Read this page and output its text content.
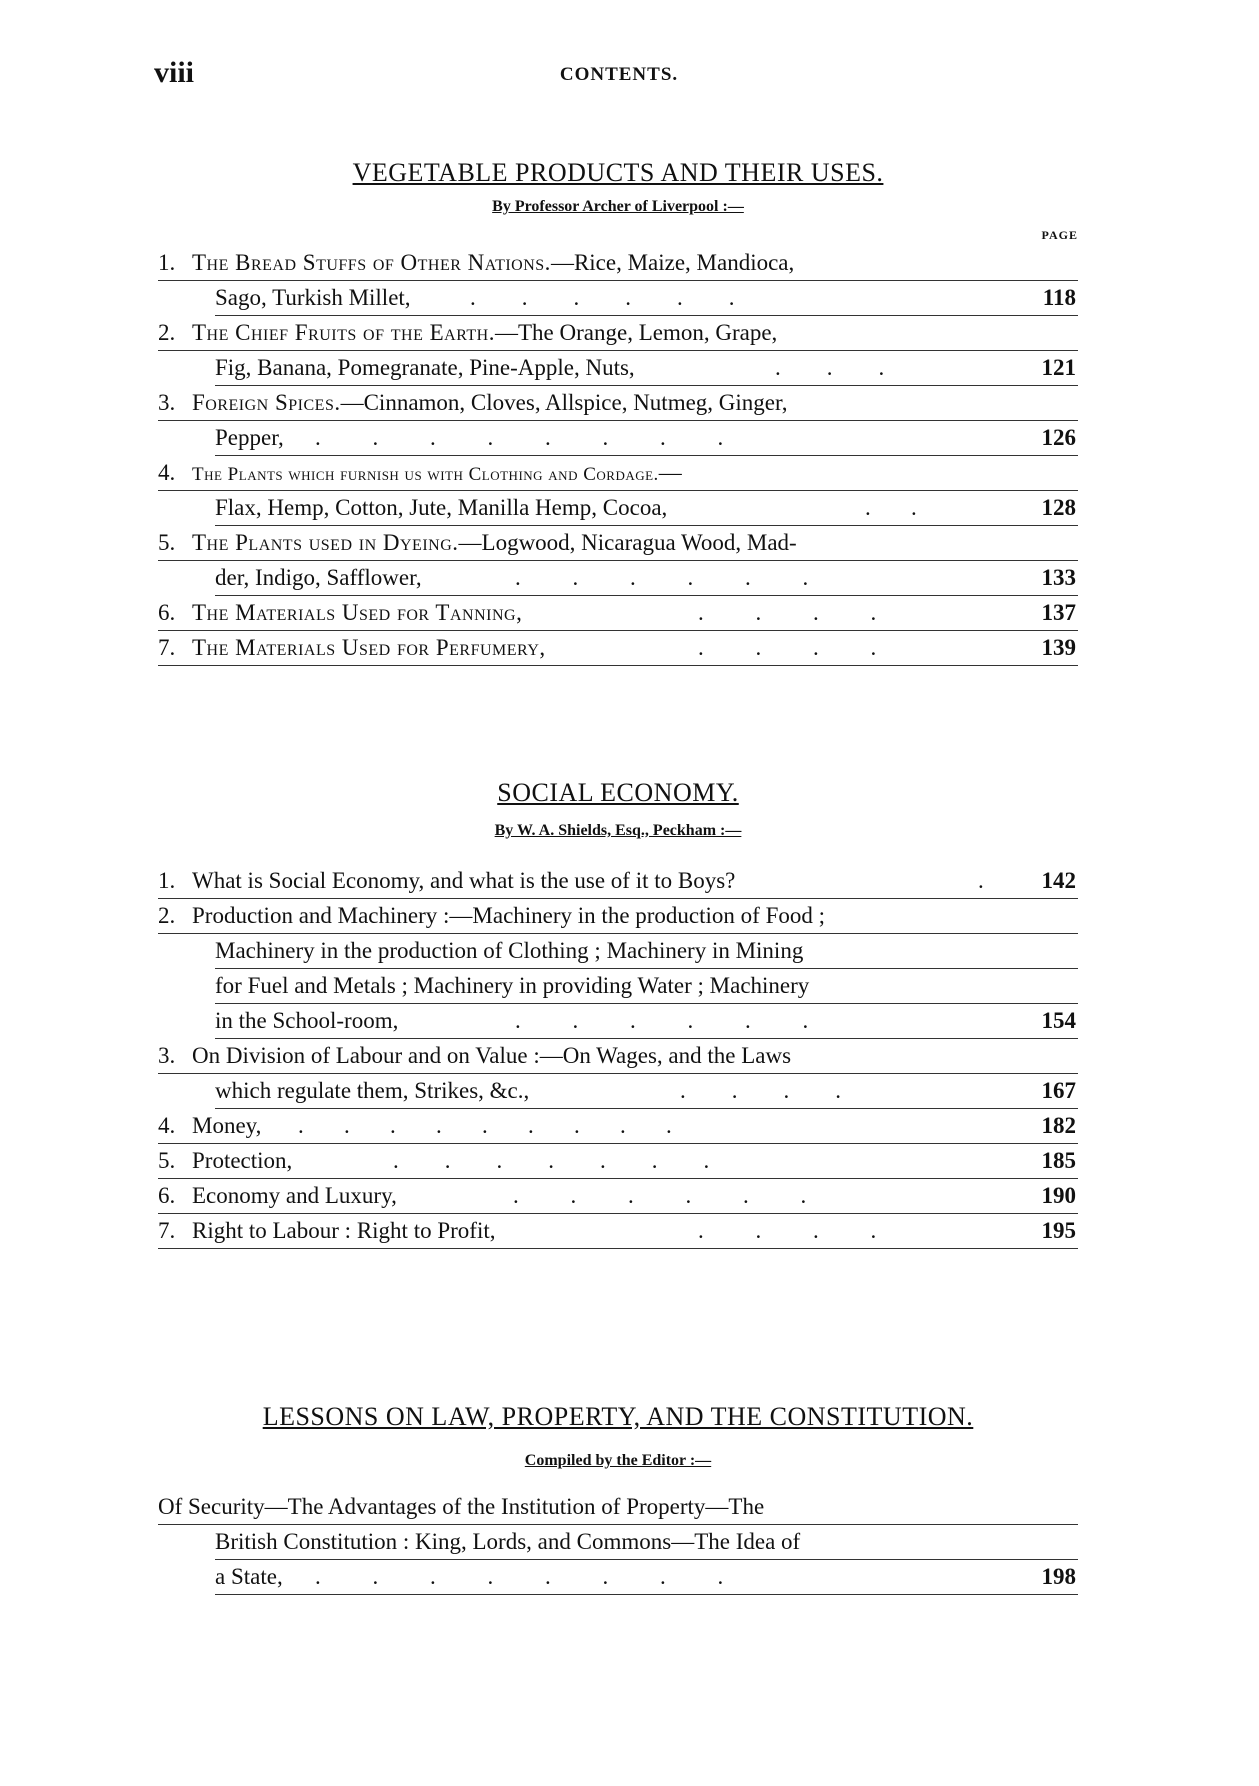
viii	CONTENTS.
VEGETABLE PRODUCTS AND THEIR USES.
By Professor Archer of Liverpool :—
PAGE
1. The Bread Stuffs of Other Nations.—Rice, Maize, Mandioca,
Sago, Turkish Millet,	.        .        .        .        .        .	118
2. The Chief Fruits of the Earth.—The Orange, Lemon, Grape,
Fig, Banana, Pomegranate, Pine-Apple, Nuts,	.        .        .	121
3. Foreign Spices.—Cinnamon, Cloves, Allspice, Nutmeg, Ginger,
Pepper, .         .         .         .         .         .         .         .	126
4. The Plants which furnish us with Clothing and Cordage.—
Flax, Hemp, Cotton, Jute, Manilla Hemp, Cocoa,	.       .	128
5. The Plants used in Dyeing.—Logwood, Nicaragua Wood, Mad-
der, Indigo, Safflower,	.         .         .         .         .         .	133
6. The Materials Used for Tanning,	.         .         .         .	137
7. The Materials Used for Perfumery,	.         .         .         .	139
SOCIAL ECONOMY.
By W. A. Shields, Esq., Peckham :—
1. What is Social Economy, and what is the use of it to Boys?	.	142
2. Production and Machinery :—Machinery in the production of Food ;
Machinery in the production of Clothing ; Machinery in Mining
for Fuel and Metals ; Machinery in providing Water ; Machinery
in the School-room,	.         .         .         .         .         .	154
3. On Division of Labour and on Value :—On Wages, and the Laws
which regulate them, Strikes, &c.,	.        .        .        .	167
4. Money, .       .       .       .       .       .       .       .       .	182
5. Protection,	.        .        .        .        .        .        .	185
6. Economy and Luxury,	.         .         .         .         .         .	190
7. Right to Labour : Right to Profit,	.         .         .         .	195
LESSONS ON LAW, PROPERTY, AND THE CONSTITUTION.
Compiled by the Editor :—
Of Security—The Advantages of the Institution of Property—The
British Constitution : King, Lords, and Commons—The Idea of
a State, .         .         .         .         .         .         .         .	198
